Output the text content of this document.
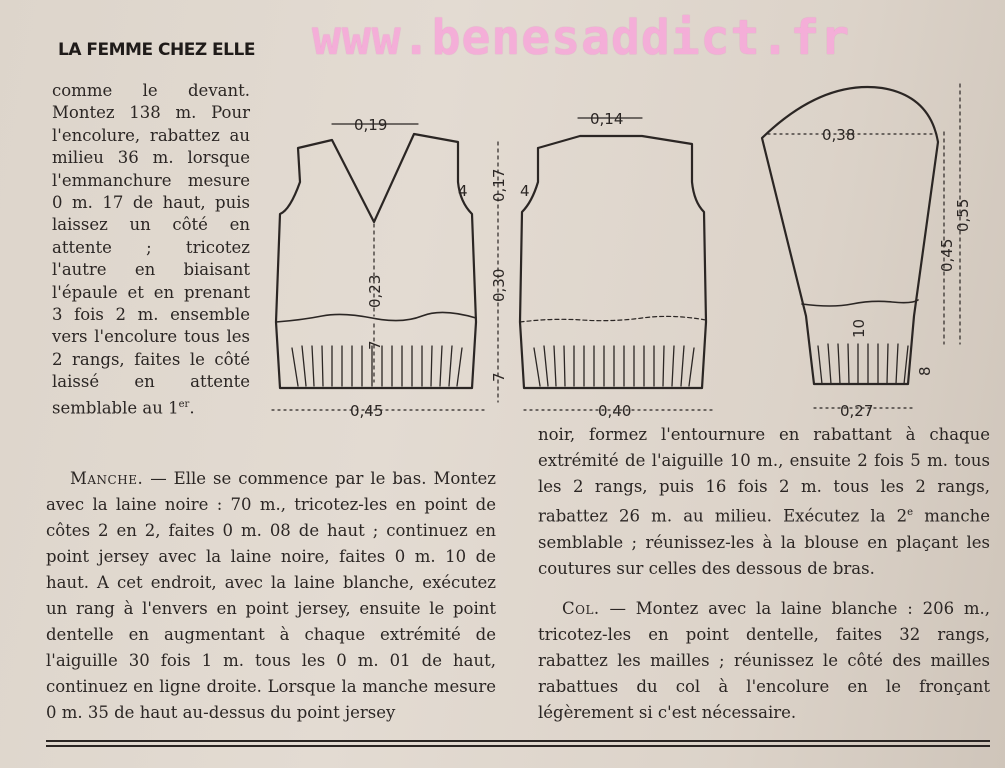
LA FEMME CHEZ ELLE www.benesaddict.fr

comme le devant. Montez 138 m. Pour l'encolure, rabattez au milieu 36 m. lorsque l'emmanchure mesure 0 m. 17 de haut, puis laissez un côté en attente ; tricotez l'autre en biaisant l'épaule et en prenant 3 fois 2 m. ensemble vers l'encolure tous les 2 rangs, faites le côté laissé en attente semblable au 1er.

0,19
4
0,23
7
0,45
0,14
4
0,17
0,30
7
0,40
0,38
0,45
0,55
10
8
0,27

Manche. — Elle se commence par le bas. Montez avec la laine noire : 70 m., tricotez-les en point de côtes 2 en 2, faites 0 m. 08 de haut ; continuez en point jersey avec la laine noire, faites 0 m. 10 de haut. A cet endroit, avec la laine blanche, exécutez un rang à l'envers en point jersey, ensuite le point dentelle en augmentant à chaque extrémité de l'aiguille 30 fois 1 m. tous les 0 m. 01 de haut, continuez en ligne droite. Lorsque la manche mesure 0 m. 35 de haut au-dessus du point jersey

noir, formez l'entournure en rabattant à chaque extrémité de l'aiguille 10 m., ensuite 2 fois 5 m. tous les 2 rangs, puis 16 fois 2 m. tous les 2 rangs, rabattez 26 m. au milieu. Exécutez la 2e manche semblable ; réunissez-les à la blouse en plaçant les coutures sur celles des dessous de bras.

Col. — Montez avec la laine blanche : 206 m., tricotez-les en point dentelle, faites 32 rangs, rabattez les mailles ; réunissez le côté des mailles rabattues du col à l'encolure en le fronçant légèrement si c'est nécessaire.
